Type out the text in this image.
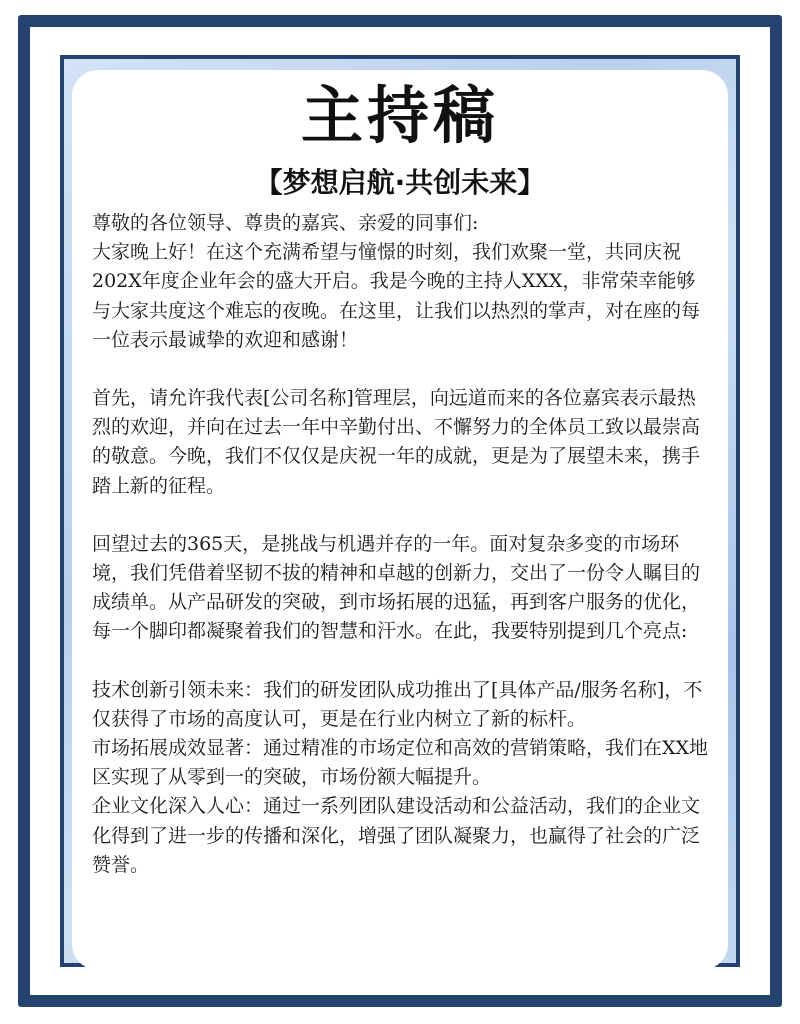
主持稿
【梦想启航·共创未来】

尊敬的各位领导、尊贵的嘉宾、亲爱的同事们:

大家晚上好！在这个充满希望与憧憬的时刻，我们欢聚一堂，共同庆祝202X年度企业年会的盛大开启。我是今晚的主持人XXX，非常荣幸能够与大家共度这个难忘的夜晚。在这里，让我们以热烈的掌声，对在座的每一位表示最诚挚的欢迎和感谢！

首先，请允许我代表[公司名称]管理层，向远道而来的各位嘉宾表示最热烈的欢迎，并向在过去一年中辛勤付出、不懈努力的全体员工致以最崇高的敬意。今晚，我们不仅仅是庆祝一年的成就，更是为了展望未来，携手踏上新的征程。

回望过去的365天，是挑战与机遇并存的一年。面对复杂多变的市场环境，我们凭借着坚韧不拔的精神和卓越的创新力，交出了一份令人瞩目的成绩单。从产品研发的突破，到市场拓展的迅猛，再到客户服务的优化，每一个脚印都凝聚着我们的智慧和汗水。在此，我要特别提到几个亮点:

技术创新引领未来：我们的研发团队成功推出了[具体产品/服务名称]，不仅获得了市场的高度认可，更是在行业内树立了新的标杆。

市场拓展成效显著：通过精准的市场定位和高效的营销策略，我们在XX地区实现了从零到一的突破，市场份额大幅提升。

企业文化深入人心：通过一系列团队建设活动和公益活动，我们的企业文化得到了进一步的传播和深化，增强了团队凝聚力，也赢得了社会的广泛赞誉。
